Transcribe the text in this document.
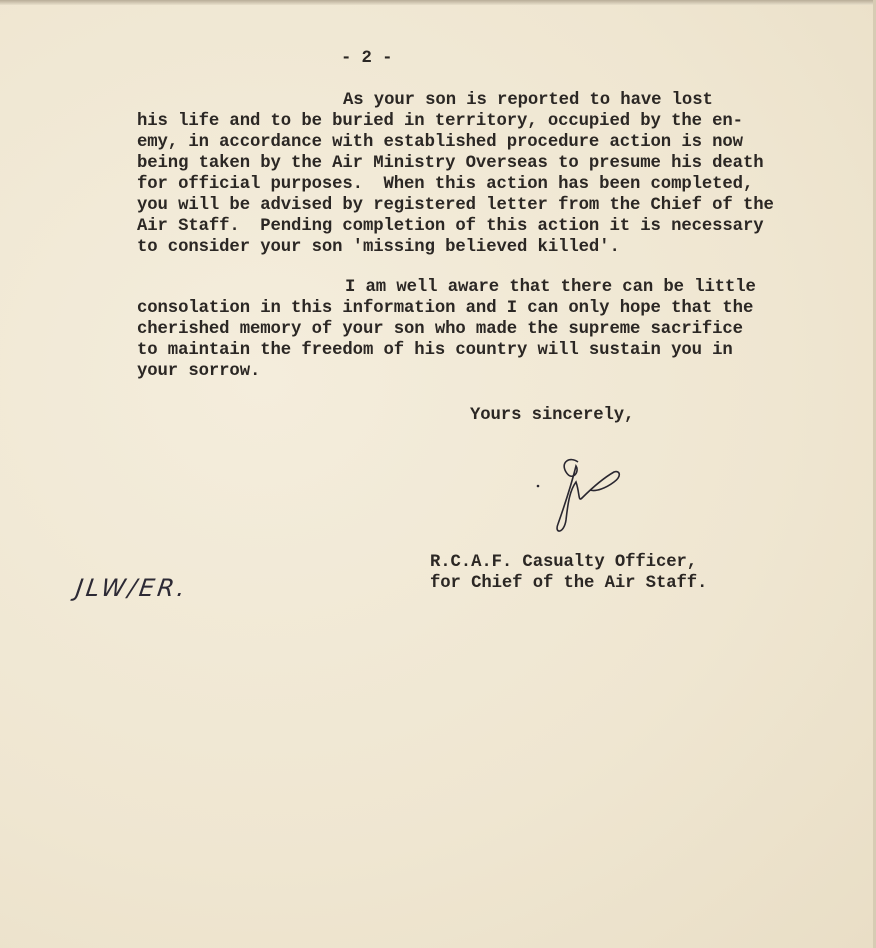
- 2 -
As your son is reported to have lost
his life and to be buried in territory, occupied by the en-
emy, in accordance with established procedure action is now
being taken by the Air Ministry Overseas to presume his death
for official purposes.  When this action has been completed,
you will be advised by registered letter from the Chief of the
Air Staff.  Pending completion of this action it is necessary
to consider your son 'missing believed killed'.
I am well aware that there can be little
consolation in this information and I can only hope that the
cherished memory of your son who made the supreme sacrifice
to maintain the freedom of his country will sustain you in
your sorrow.
Yours sincerely,
R.C.A.F. Casualty Officer,
for Chief of the Air Staff.
JLW/ER.
